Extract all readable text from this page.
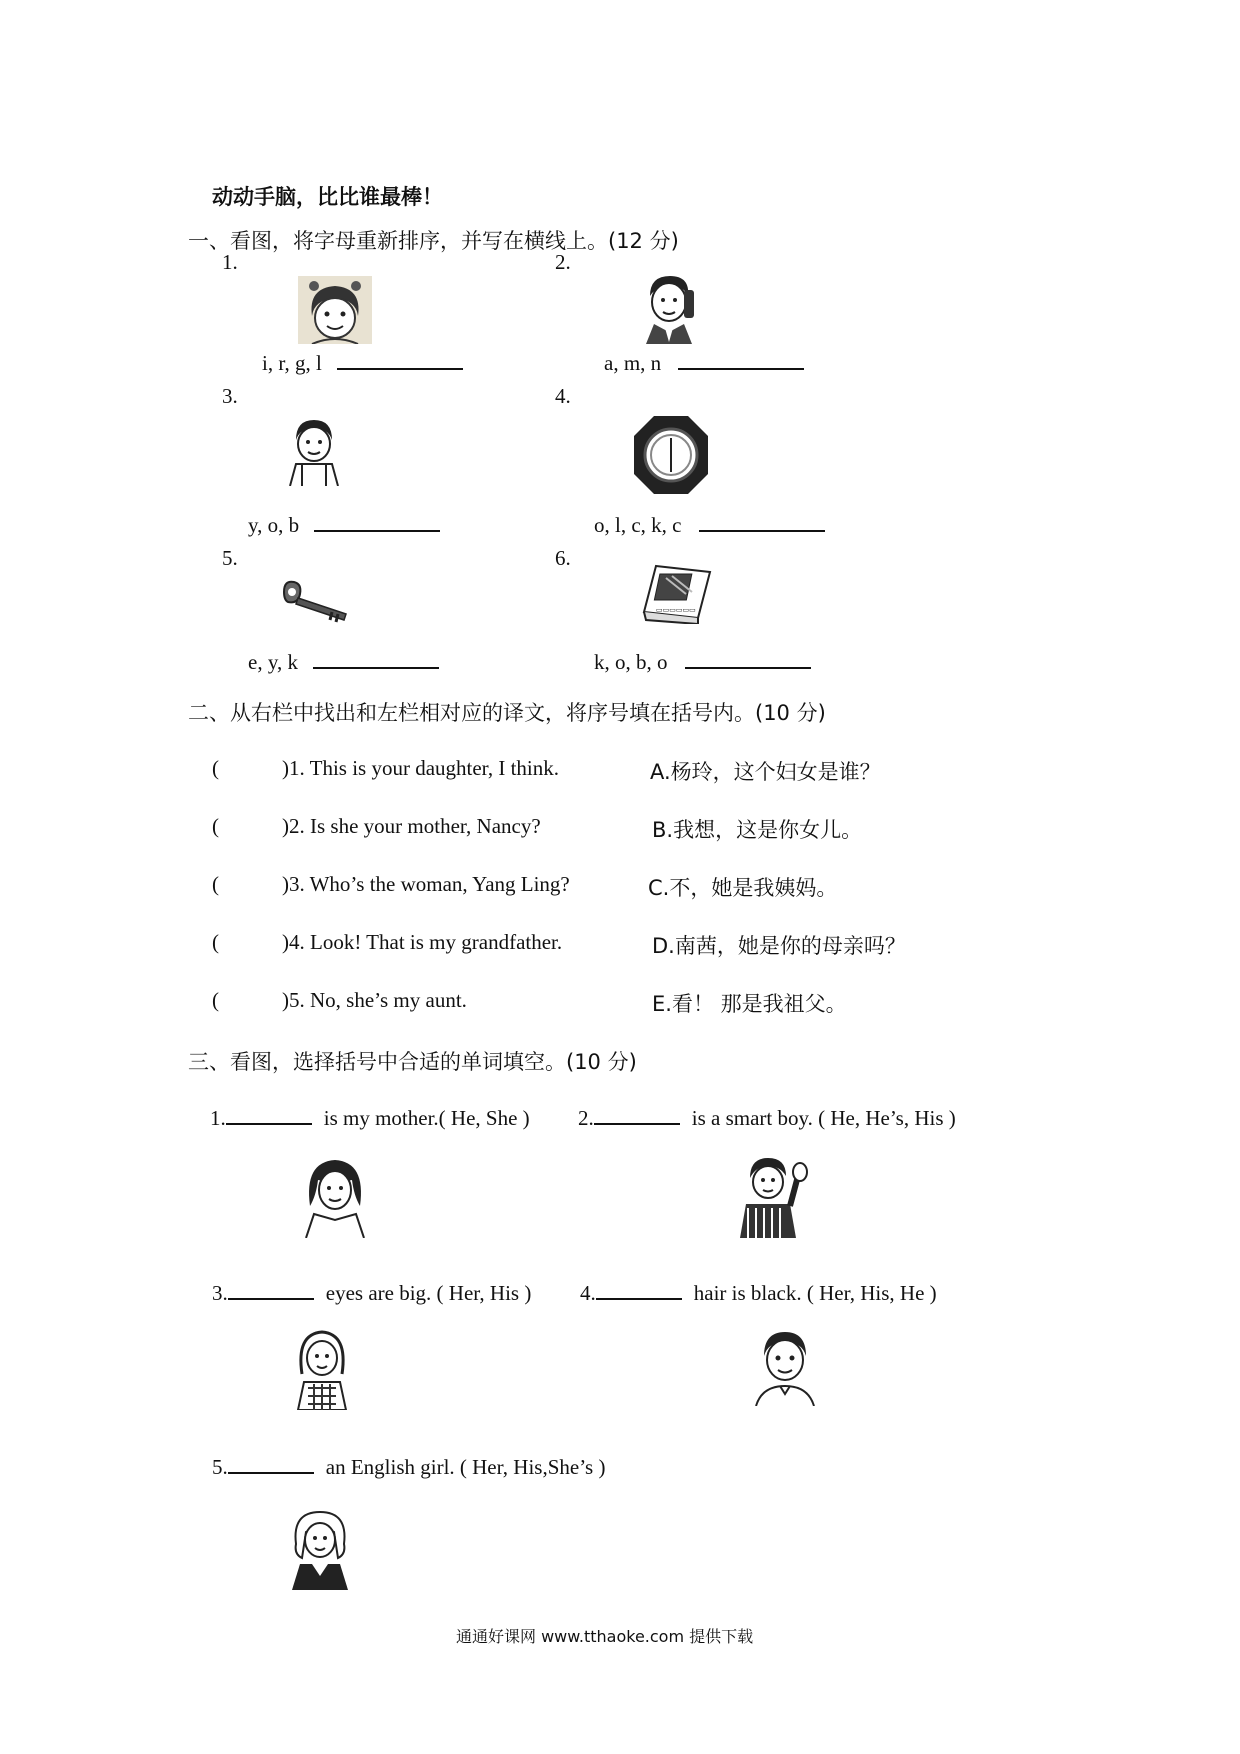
动动手脑，比比谁最棒！
一、看图，将字母重新排序，并写在横线上。(12 分)
1.	2.
3.	4.
5.	6.
▭▭▭▭▭▭
i, r, g, l	a, m, n
y, o, b	o, l, c, k, c
e, y, k	k, o, b, o
二、从右栏中找出和左栏相对应的译文，将序号填在括号内。(10 分)
(	)1. This is your daughter, I think.	A.杨玲，这个妇女是谁？
(	)2. Is she your mother, Nancy?	B.我想，这是你女儿。
(	)3. Who’s the woman, Yang Ling?	C.不，她是我姨妈。
(	)4. Look! That is my grandfather.	D.南茜，她是你的母亲吗？
(	)5. No, she’s my aunt.	E.看！ 那是我祖父。
三、看图，选择括号中合适的单词填空。(10 分)
1.	is my mother.( He, She ) 2.	is a smart boy. ( He, He’s, His )
3.	eyes are big. ( Her, His ) 4.	hair is black. ( Her, His, He )
5.	an English girl. ( Her, His,She’s )
通通好课网 www.tthaoke.com 提供下载
